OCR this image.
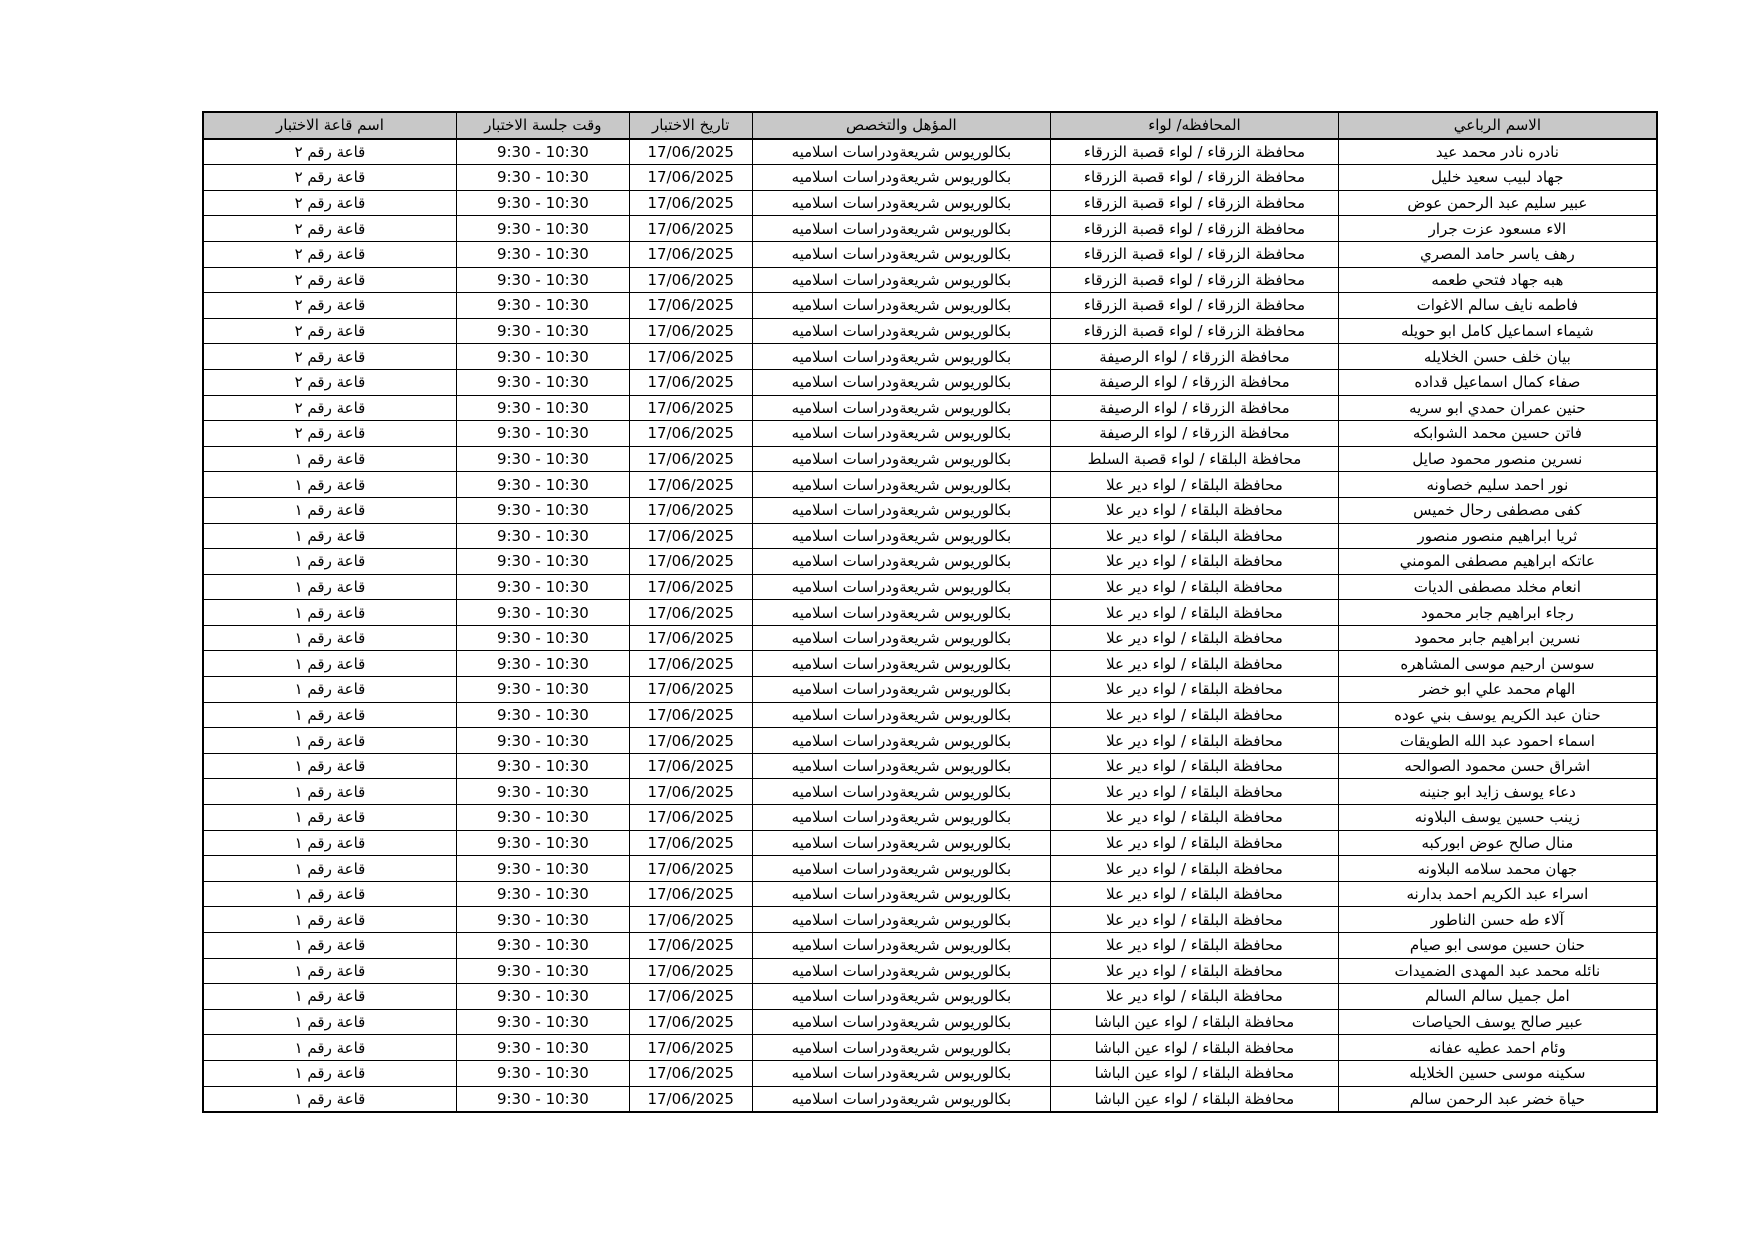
الاسم الرباعي	المحافظه/ لواء	المؤهل والتخصص	تاريخ الاختبار	وقت جلسة الاختبار	اسم قاعة الاختبار
نادره نادر محمد عيد	محافظة الزرقاء / لواء قصبة الزرقاء	بكالوريوس شريعةودراسات اسلاميه	17/06/2025	9:30 - 10:30	قاعة رقم ٢
جهاد لبيب سعيد خليل	محافظة الزرقاء / لواء قصبة الزرقاء	بكالوريوس شريعةودراسات اسلاميه	17/06/2025	9:30 - 10:30	قاعة رقم ٢
عبير سليم عبد الرحمن عوض	محافظة الزرقاء / لواء قصبة الزرقاء	بكالوريوس شريعةودراسات اسلاميه	17/06/2025	9:30 - 10:30	قاعة رقم ٢
الاء مسعود عزت جرار	محافظة الزرقاء / لواء قصبة الزرقاء	بكالوريوس شريعةودراسات اسلاميه	17/06/2025	9:30 - 10:30	قاعة رقم ٢
رهف ياسر حامد المصري	محافظة الزرقاء / لواء قصبة الزرقاء	بكالوريوس شريعةودراسات اسلاميه	17/06/2025	9:30 - 10:30	قاعة رقم ٢
هبه جهاد فتحي طعمه	محافظة الزرقاء / لواء قصبة الزرقاء	بكالوريوس شريعةودراسات اسلاميه	17/06/2025	9:30 - 10:30	قاعة رقم ٢
فاطمه نايف سالم الاغوات	محافظة الزرقاء / لواء قصبة الزرقاء	بكالوريوس شريعةودراسات اسلاميه	17/06/2025	9:30 - 10:30	قاعة رقم ٢
شيماء اسماعيل كامل ابو حويله	محافظة الزرقاء / لواء قصبة الزرقاء	بكالوريوس شريعةودراسات اسلاميه	17/06/2025	9:30 - 10:30	قاعة رقم ٢
بيان خلف حسن الخلايله	محافظة الزرقاء / لواء الرصيفة	بكالوريوس شريعةودراسات اسلاميه	17/06/2025	9:30 - 10:30	قاعة رقم ٢
صفاء كمال اسماعيل قداده	محافظة الزرقاء / لواء الرصيفة	بكالوريوس شريعةودراسات اسلاميه	17/06/2025	9:30 - 10:30	قاعة رقم ٢
حنين عمران حمدي ابو سريه	محافظة الزرقاء / لواء الرصيفة	بكالوريوس شريعةودراسات اسلاميه	17/06/2025	9:30 - 10:30	قاعة رقم ٢
فاتن حسين محمد الشوابكه	محافظة الزرقاء / لواء الرصيفة	بكالوريوس شريعةودراسات اسلاميه	17/06/2025	9:30 - 10:30	قاعة رقم ٢
نسرين منصور محمود صايل	محافظة البلقاء / لواء قصبة السلط	بكالوريوس شريعةودراسات اسلاميه	17/06/2025	9:30 - 10:30	قاعة رقم ١
نور احمد سليم خصاونه	محافظة البلقاء / لواء دير علا	بكالوريوس شريعةودراسات اسلاميه	17/06/2025	9:30 - 10:30	قاعة رقم ١
كفى مصطفى رحال خميس	محافظة البلقاء / لواء دير علا	بكالوريوس شريعةودراسات اسلاميه	17/06/2025	9:30 - 10:30	قاعة رقم ١
ثريا ابراهيم منصور منصور	محافظة البلقاء / لواء دير علا	بكالوريوس شريعةودراسات اسلاميه	17/06/2025	9:30 - 10:30	قاعة رقم ١
عاتكه ابراهيم مصطفى المومني	محافظة البلقاء / لواء دير علا	بكالوريوس شريعةودراسات اسلاميه	17/06/2025	9:30 - 10:30	قاعة رقم ١
انعام مخلد مصطفى الديات	محافظة البلقاء / لواء دير علا	بكالوريوس شريعةودراسات اسلاميه	17/06/2025	9:30 - 10:30	قاعة رقم ١
رجاء ابراهيم جابر محمود	محافظة البلقاء / لواء دير علا	بكالوريوس شريعةودراسات اسلاميه	17/06/2025	9:30 - 10:30	قاعة رقم ١
نسرين ابراهيم جابر محمود	محافظة البلقاء / لواء دير علا	بكالوريوس شريعةودراسات اسلاميه	17/06/2025	9:30 - 10:30	قاعة رقم ١
سوسن ارحيم موسى المشاهره	محافظة البلقاء / لواء دير علا	بكالوريوس شريعةودراسات اسلاميه	17/06/2025	9:30 - 10:30	قاعة رقم ١
الهام محمد علي ابو خضر	محافظة البلقاء / لواء دير علا	بكالوريوس شريعةودراسات اسلاميه	17/06/2025	9:30 - 10:30	قاعة رقم ١
حنان عبد الكريم يوسف بني عوده	محافظة البلقاء / لواء دير علا	بكالوريوس شريعةودراسات اسلاميه	17/06/2025	9:30 - 10:30	قاعة رقم ١
اسماء احمود عبد الله الطويقات	محافظة البلقاء / لواء دير علا	بكالوريوس شريعةودراسات اسلاميه	17/06/2025	9:30 - 10:30	قاعة رقم ١
اشراق حسن محمود الصوالحه	محافظة البلقاء / لواء دير علا	بكالوريوس شريعةودراسات اسلاميه	17/06/2025	9:30 - 10:30	قاعة رقم ١
دعاء يوسف زايد ابو جنينه	محافظة البلقاء / لواء دير علا	بكالوريوس شريعةودراسات اسلاميه	17/06/2025	9:30 - 10:30	قاعة رقم ١
زينب حسين يوسف البلاونه	محافظة البلقاء / لواء دير علا	بكالوريوس شريعةودراسات اسلاميه	17/06/2025	9:30 - 10:30	قاعة رقم ١
منال صالح عوض ابوركبه	محافظة البلقاء / لواء دير علا	بكالوريوس شريعةودراسات اسلاميه	17/06/2025	9:30 - 10:30	قاعة رقم ١
جهان محمد سلامه البلاونه	محافظة البلقاء / لواء دير علا	بكالوريوس شريعةودراسات اسلاميه	17/06/2025	9:30 - 10:30	قاعة رقم ١
اسراء عبد الكريم احمد بدارنه	محافظة البلقاء / لواء دير علا	بكالوريوس شريعةودراسات اسلاميه	17/06/2025	9:30 - 10:30	قاعة رقم ١
آلاء طه حسن الناطور	محافظة البلقاء / لواء دير علا	بكالوريوس شريعةودراسات اسلاميه	17/06/2025	9:30 - 10:30	قاعة رقم ١
حنان حسين موسى ابو صيام	محافظة البلقاء / لواء دير علا	بكالوريوس شريعةودراسات اسلاميه	17/06/2025	9:30 - 10:30	قاعة رقم ١
نائله محمد عبد المهدى الضميدات	محافظة البلقاء / لواء دير علا	بكالوريوس شريعةودراسات اسلاميه	17/06/2025	9:30 - 10:30	قاعة رقم ١
امل جميل سالم السالم	محافظة البلقاء / لواء دير علا	بكالوريوس شريعةودراسات اسلاميه	17/06/2025	9:30 - 10:30	قاعة رقم ١
عبير صالح يوسف الحياصات	محافظة البلقاء / لواء عين الباشا	بكالوريوس شريعةودراسات اسلاميه	17/06/2025	9:30 - 10:30	قاعة رقم ١
وئام احمد عطيه عفانه	محافظة البلقاء / لواء عين الباشا	بكالوريوس شريعةودراسات اسلاميه	17/06/2025	9:30 - 10:30	قاعة رقم ١
سكينه موسى حسين الخلايله	محافظة البلقاء / لواء عين الباشا	بكالوريوس شريعةودراسات اسلاميه	17/06/2025	9:30 - 10:30	قاعة رقم ١
حياة خضر عبد الرحمن سالم	محافظة البلقاء / لواء عين الباشا	بكالوريوس شريعةودراسات اسلاميه	17/06/2025	9:30 - 10:30	قاعة رقم ١
